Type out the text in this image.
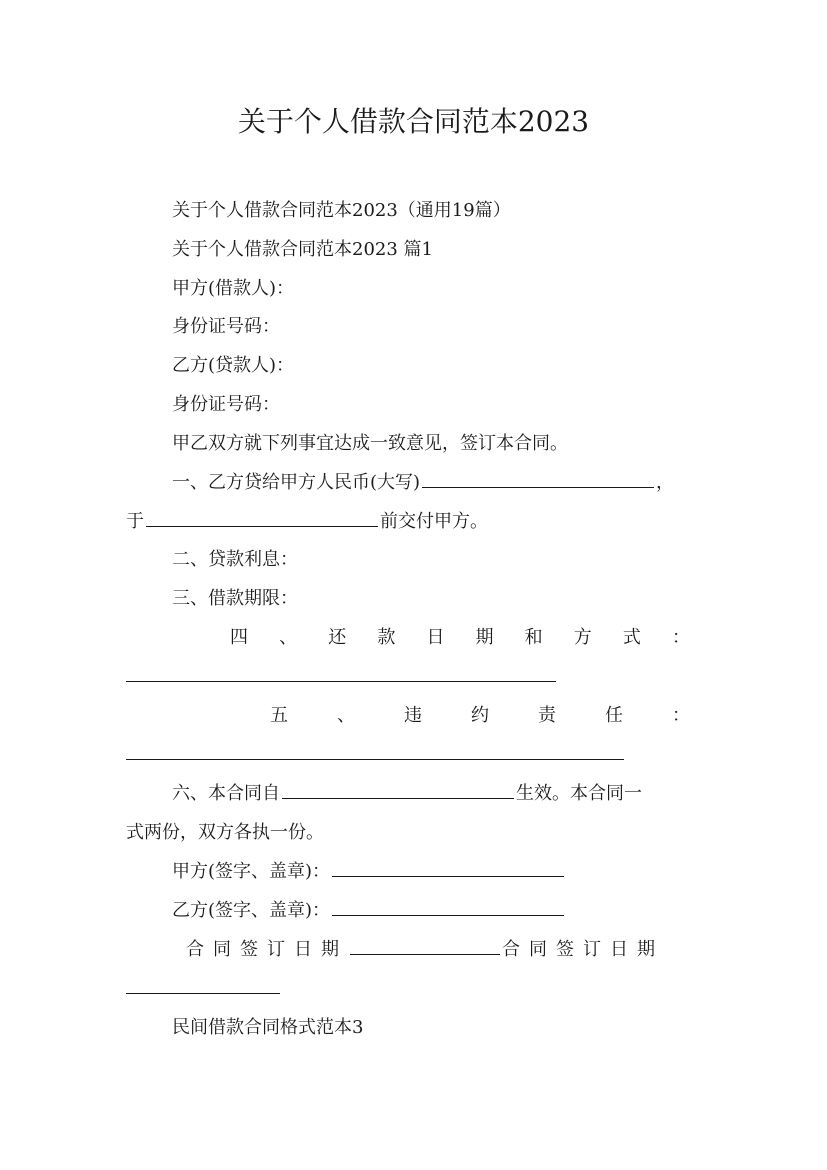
关于个人借款合同范本2023
关于个人借款合同范本2023（通用19篇）
关于个人借款合同范本2023 篇1
甲方(借款人)：
身份证号码：
乙方(贷款人)：
身份证号码：
甲乙双方就下列事宜达成一致意见，签订本合同。
一、乙方贷给甲方人民币(大写)	，
于	前交付甲方。
二、贷款利息：
三、借款期限：
四 、 还 款 日 期 和 方 式 ：
五	、	违	约	责	任	：
六、本合同自	生效。本合同一
式两份，双方各执一份。
甲方(签字、盖章)：
乙方(签字、盖章)：
合同签订日期	合同签订日期
民间借款合同格式范本3
